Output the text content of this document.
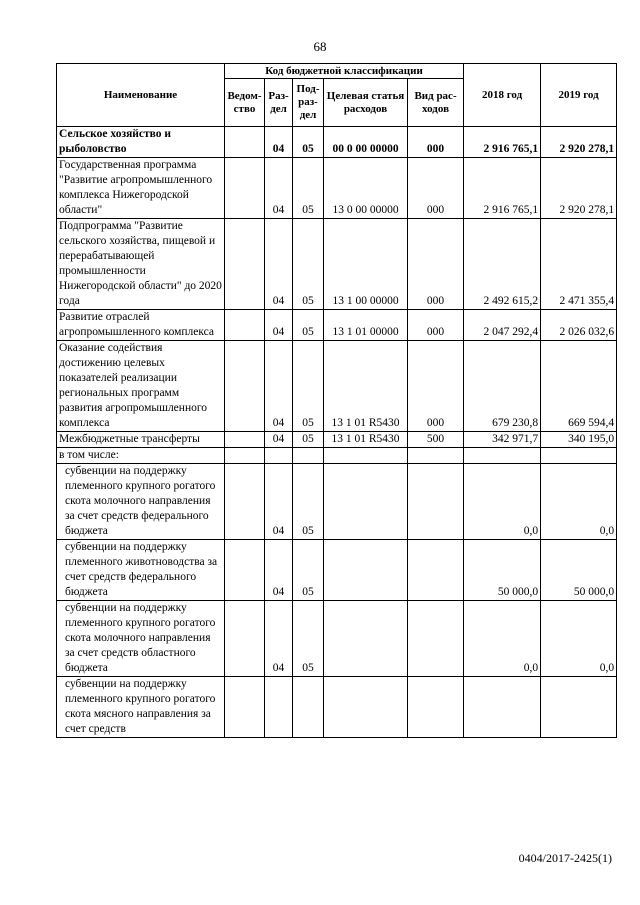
68
Наименование	Код бюджетной классификации					2018 год	2019 год
	Ведом-ство	Раз-дел	Под-раз-дел	Целевая статья расходов	Вид рас-ходов		
Сельское хозяйство и рыболовство		04	05	00 0 00 00000	000	2 916 765,1	2 920 278,1
Государственная программа "Развитие агропромышленного комплекса Нижегородской области"		04	05	13 0 00 00000	000	2 916 765,1	2 920 278,1
Подпрограмма "Развитие сельского хозяйства, пищевой и перерабатывающей промышленности Нижегородской области" до 2020 года		04	05	13 1 00 00000	000	2 492 615,2	2 471 355,4
Развитие отраслей агропромышленного комплекса		04	05	13 1 01 00000	000	2 047 292,4	2 026 032,6
Оказание содействия достижению целевых показателей реализации региональных программ развития агропромышленного комплекса		04	05	13 1 01 R5430	000	679 230,8	669 594,4
Межбюджетные трансферты		04	05	13 1 01 R5430	500	342 971,7	340 195,0
в том числе:							
субвенции на поддержку племенного крупного рогатого скота молочного направления за счет средств федерального бюджета		04	05			0,0	0,0
субвенции на поддержку племенного животноводства за счет средств федерального бюджета		04	05			50 000,0	50 000,0
субвенции на поддержку племенного крупного рогатого скота молочного направления за счет средств областного бюджета		04	05			0,0	0,0
субвенции на поддержку племенного крупного рогатого скота мясного направления за счет средств							
0404/2017-2425(1)
